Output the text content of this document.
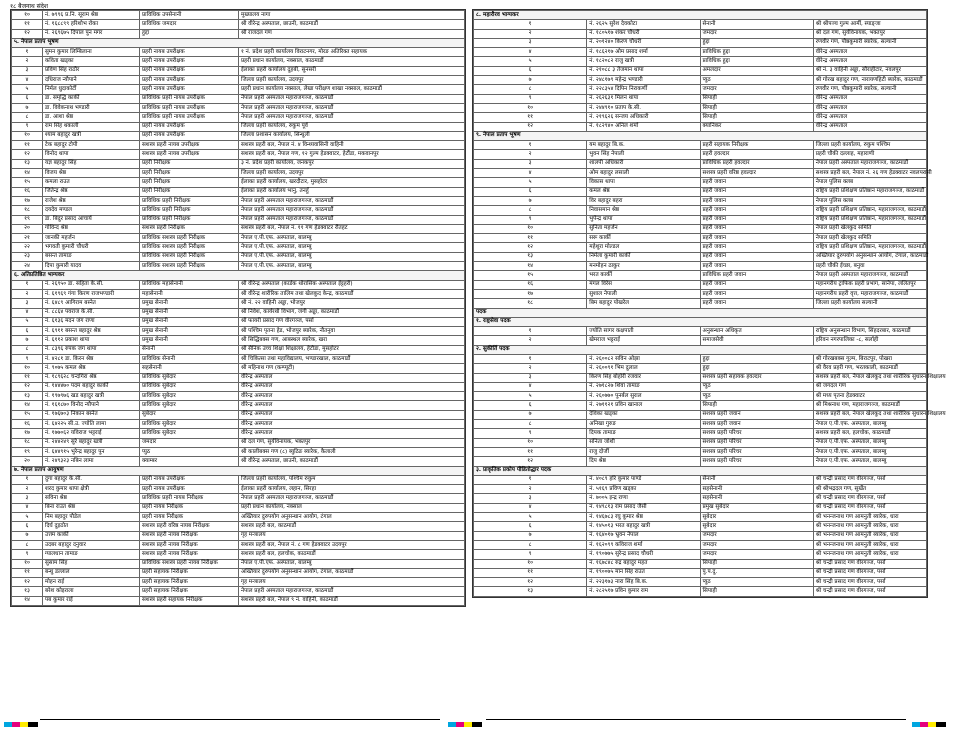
१८ बैजनाथ संदेश
१०	नं. ७९९६ प्र.नि. सूराम श्रेष्ठ	प्राविधिक उपसेनानी	मुख्यालय नागा
११	नं. १६८८९९ हरिशोभ रोका	प्राविधिक जमदार	श्री वीरेन्द्र अस्पताल, छाउनी, काठमाडौं
१२	नं. २६९६७५ दिपाल पुन मगर	हुद्दा	श्री राजदल गण
५. नेपाल प्रताप भूषण			
१	सुमन कुमार लिम्बिलाना	प्रहरी नायब उपरीक्षक	१ नं. प्रदेश प्रहरी कार्यालय विराटनगर, मोरङ अतिरिक्त सहायक
२	कविता खड्का	प्रहरी नायब उपरीक्षक	प्रहरी प्रधान कार्यालय, नक्साल, काठमाडौं
३	प्रविण सिंह राठौर	प्रहरी नायब उपरीक्षक	ईलाका प्रहरी कार्यालय दुहबी, सुनसरी
४	दधिराज न्यौपाने	प्रहरी नायब उपरीक्षक	जिल्ला प्रहरी कार्यालय, उदयपुर
५	निर्मल धुदाकोर्टी	प्रहरी नायब उपरीक्षक	प्रहरी प्रधान कार्यालय नक्साल, लेखा परीक्षण शाखा नक्साल, काठमाडौं
६	डा. समृद्धि कार्की	प्राविधिक प्रहरी नायब उपरीक्षक	नेपाल प्रहरी अस्पताल महाराजगञ्ज, काठमाडौं
७	डा. विवेकनाथ भण्डारी	प्राविधिक प्रहरी नायब उपरीक्षक	नेपाल प्रहरी अस्पताल महाराजगञ्ज, काठमाडौं
८	डा. आशा श्रेष्ठ	प्राविधिक प्रहरी नायब उपरीक्षक	नेपाल प्रहरी अस्पताल महाराजगञ्ज, काठमाडौं
९	राम सिंह थकाली	प्रहरी नायब उपरीक्षक	जिल्ला प्रहरी कार्यालय, रुकुम पूर्व
१०	श्याम बहादुर खत्री	प्रहरी नायब उपरीक्षक	जिल्ला प्रशासन कार्यालय, सिन्धुली
११	टेक बहादुर टोपी	सशस्त्र प्रहरी नायब उपरीक्षक	सशस्त्र प्रहरी बल, नेपाल नं. ४ विन्ध्यवासिनी वाहिनी
१२	विनोद थापा	सशस्त्र प्रहरी नायब उपरीक्षक	सशस्त्र प्रहरी बल, नेपाल गण, १२ गुल्म हेडक्वाटर, हेटौंडा, मकवानपुर
१३	यज्ञ बहादुर सिंह	प्रहरी निरीक्षक	३ नं. प्रदेश प्रहरी कार्यालय, जनकपुर
१४	विजय श्रेष्ठ	प्रहरी निरीक्षक	जिल्ला प्रहरी कार्यालय, उदयपुर
१५	कमला राउत	प्रहरी निरीक्षक	ईलाका प्रहरी कार्यालय, खरदौटार, मुसहोटर
१६	जितेन्द्र श्रेष्ठ	प्रहरी निरीक्षक	ईलाका प्रहरी कार्यालय भानु, तनहुँ
१७	राजेश श्रेष्ठ	प्राविधिक प्रहरी निरीक्षक	नेपाल प्रहरी अस्पताल महाराजगञ्ज, काठमाडौं
१८	दयदेव मण्डल	प्राविधिक प्रहरी निरीक्षक	नेपाल प्रहरी अस्पताल महाराजगञ्ज, काठमाडौं
१९	डा. बिदुर प्रसाद आचार्य	प्राविधिक प्रहरी निरीक्षक	नेपाल प्रहरी अस्पताल महाराजगञ्ज, काठमाडौं
२०	गोविन्द श्रेष्ठ	सशस्त्र प्रहरी निरीक्षक	सशस्त्र प्रहरी बल, नेपाल नं. ११ गण हेडक्वाटर रौतहट
२१	जानकी महर्जन	प्राविधिक सशस्त्र प्रहरी निरीक्षक	नेपाल ए.पी.एफ. अस्पताल, बालम्बु
२२	भगवती कुमारी चौधरी	प्राविधिक सशस्त्र प्रहरी निरीक्षक	नेपाल ए.पी.एफ. अस्पताल, बालम्बु
२३	बसन्त तामाङ	प्राविधिक सशस्त्र प्रहरी निरीक्षक	नेपाल ए.पी.एफ. अस्पताल, बालम्बु
२४	दिपा कुमारी यादव	प्राविधिक सशस्त्र प्रहरी निरीक्षक	नेपाल ए.पी.एफ. अस्पताल, बालम्बु
६. अतिप्रतिष्ठित भाग्यकर			
१	नं. २६९५० डा. सहिता के.सी.	प्राविधिक महासेनानी	श्री वीरेन्द्र अस्पताल (कार्डक थोरासिक अस्पताल ईट्टहरी)
२	नं. ६१९६९ गंगा किरण राजभण्डारी	महासेनानी	श्री वीरेन्द्र शारीरिक तालिम तथा खेलकुद केन्द्र, काठमाडौं
३	नं. ६४८९ आगिराम बस्नेत	प्रमुख सेनानी	श्री नं. २२ वाहिनी अड्डा, भोजपुर
४	नं. ८८६४ पवराज के.सी.	प्रमुख सेनानी	श्री निवेश, कार्यरथी विभाग, जंगी अड्डा, काठमाडौं
५	नं. ६१३६ मदन जंग राणा	प्रमुख सेनानी	श्री फायरी प्रसाद गण वीरगञ्ज, पर्सा
६	नं. ६९११ बसन्त बहादुर श्रेष्ठ	प्रमुख सेनानी	श्री पश्चिम पृतना हेड, भोजपुर ब्यारेक, नौतनुवा
७	नं. ६११२ प्रकाश थापा	प्रमुख सेनानी	श्री सिद्धिबक्स गण, आबस्थल ब्यारेक, खरा
८	नं. ८३९६ रुपक जंग थापा	सेनानी	श्री सैनिक उच्च शिक्षा शिक्षालय, हेटौडा, मुसहोटर
९	नं. ४२८१ डा. किरन श्रेष्ठ	प्राविधिक सेनानी	श्री चिकित्सा तथा महाविद्यालय, भण्डारखाल, काठमाडौं
१०	नं. ९०७५ कमल श्रेष्ठ	सहसेनानी	श्री महिनाथ गण (कम्प्यूटी)
११	नं. १८९६२८ चन्दगिरा श्रेष्ठ	प्राविधिक सुबेदार	वीरेन्द्र अस्पताल
१२	नं. १४४४७० पदम बहादुर कार्की	प्राविधिक सुबेदार	वीरेन्द्र अस्पताल
१३	नं. १९७९७६ खड बहादुर खत्री	प्राविधिक सुबेदार	वीरेन्द्र अस्पताल
१४	नं. १६१८७० विनोद न्यौपाने	प्राविधिक सुबेदार	वीरेन्द्र अस्पताल
१५	नं. १७६७०३ निकान बस्नेत	सुबेदार	वीरेन्द्र अस्पताल
१६	नं. ६४२२५ सी.उ. ज्योति लामा	प्राविधिक सुबेदार	वीरेन्द्र अस्पताल
१७	नं. १७७०६२ यविराज भट्टराई	प्राविधिक सुबेदार	वीरेन्द्र अस्पताल
१८	नं. २४४२४९ सुरे बहादुर खत्री	जमदार	श्री दल गण, सुर्यविनायक, भक्तपुर
१९	नं. ६४४९१५ भुरेन्द्र बहादुर पुन	प्युठ	श्री कालीबक्स गण (८) ब्युठिङ ब्यारेक, कैलाली
२०	नं. २४९३२३ नबिन लामा	क्याम्बर	श्री वीरेन्द्र अस्पताल, छाउनी, काठमाडौं
७. नेपाल प्रताप आयुषण			
१	दुगा बहादुर के.सी.	प्रहरी नायब उपरीक्षक	जिल्ला प्रहरी कार्यालय, पश्चिम रुकुम
२	शरद कुमार थापा क्षेत्री	प्रहरी नायब उपरीक्षक	ईलाका प्रहरी कार्यालय, लहान, सिरहा
३	सविना श्रेष्ठ	प्राविधिक प्रहरी नायब निरीक्षक	नेपाल प्रहरी अस्पताल महाराजगञ्ज, काठमाडौं
४	बिना राउत श्रेष्ठ	प्रहरी नायब निरीक्षक	प्रहरी प्रधान कार्यालय, नक्साल
५	निम बहादुर पौडेल	प्रहरी नायब निरीक्षक	अख्तियार दुरुपयोग अनुसन्धान आयोग, टंगाल
६	दिर्घ दुइठोत	सशस्त्र प्रहरी वरिष्ठ नायब निरीक्षक	सशस्त्र प्रहरी बल, काठमाडौं
७	उत्तम कार्की	सशस्त्र प्रहरी नायब निरीक्षक	गृह मन्त्रालय
८	उदबर बहादुर दनुवार	सशस्त्र प्रहरी नायब निरीक्षक	सशस्त्र प्रहरी बल, नेपाल नं. ८ गण हेडक्वाटर उदयपुर
९	ग्यालधान तामाङ	सशस्त्र प्रहरी नायब निरीक्षक	सशस्त्र प्रहरी बल, हलचोक, काठमाडौं
१०	सुसाम सिंह	प्राविधिक सशस्त्र प्रहरी नायब निरीक्षक	नेपाल ए.पी.एफ. अस्पताल, बालम्बु
११	बन्धु डल्लाल	प्रहरी सहायक निरीक्षक	अख्तियार दुरुपयोग अनुसन्धान आयोग, टंगाल, काठमाडौं
१२	मोहन राई	प्रहरी सहायक निरीक्षक	गृह मन्त्रालय
१३	बरेश कोइराला	प्रहरी सहायक निरीक्षक	नेपाल प्रहरी अस्पताल महाराजगञ्ज, काठमाडौं
१४	पब कुमार राई	सशस्त्र प्रहरी सहायक निरीक्षक	सशस्त्र प्रहरी बल, नेपाल ९ नं. वाहिनी, काठमाडौं
८. महारौरव भाग्यकर			
१	नं. २६२५ सुरेश देवकोटा	सेनानी	श्री श्रीपञ्च गुल्म आर्मी, स्याङ्जा
२	नं. १८०५१७ शंकर चौधरी	जमदार	श्री दल गण, सुर्यविनायक, भक्तपुर
३	नं. २०१२४० किरण चौधरी	हुद्दा	रणवीर गण, पौष्ठकुमारी ब्यारेक, सल्यानी
४	नं. १८६२१७ ओम प्रसाद शर्मा	प्राविधिक हुद्दा	वीरेन्द्र अस्पताल
५	नं. १८२०८२ राजु खत्री	प्राविधिक हुद्दा	वीरेन्द्र अस्पताल
६	नं. २१०८८ ३ तेजमान थापा	अमलदार	श्री नं. ३ वाहिनी अड्डा, सौराहीटार, नवलपुर
७	नं. २४८१७९ महेन्द्र भण्डारी	प्युठ	श्री गोरख बहादुर गण, नारायणहिटी ब्यारेक, काठमाडौं
८	नं. २२८३५४ दिपिन निराकर्णी	जमदार	रणवीर गण, पौष्ठकुमारी ब्यारेक, सल्यानी
९	नं. २६२६३१ मिलन थापा	सिपाही	वीरेन्द्र अस्पताल
१०	नं. २४४९१० प्रताप के.सी.	सिपाही	वीरेन्द्र अस्पताल
११	नं. २१९६२६ सन्जय अधिकारी	सिपाही	वीरेन्द्र अस्पताल
१२	नं. १८२९४० अनिल शर्मा	क्यानिकर	वीरेन्द्र अस्पताल
९. नेपाल प्रताप भूषण			
१	यम बहादुर बि.क.	प्रहरी सहायक निरीक्षक	जिल्ला प्रहरी कार्यालय, रुकुम पश्चिम
२	भुवन सिंह नेपाली	प्रहरी हवल्दार	प्रहरी चौकी दल्लाह, महाराणी
३	शालपी अधिकारी	प्राविधिक प्रहरी हवल्दार	नेपाल प्रहरी अस्पताल महाराजगञ्ज, काठमाडौं
४	ओम बहादुर लसाली	सशस्त्र प्रहरी वरिष्ठ हवल्दार	सशस्त्र प्रहरी बल, नेपाल नं. २६ गण हेडक्वाटर नवलपरासी
५	विकास थापा	प्रहरी जवान	नेपाल पुलिस क्लब
६	कमल श्रेष्ठ	प्रहरी जवान	राष्ट्रिय प्रहरी प्रशिक्षण प्रतिष्ठान महाराजगञ्ज, काठमाडौं
७	विर बहादुर बहरा	प्रहरी जवान	नेपाल पुलिस क्लब
८	निवासमान श्रेष्ठ	प्रहरी जवान	राष्ट्रिय प्रहरी प्रशिक्षण प्रतिष्ठान, महाराजगञ्ज, काठमाडौं
९	भुपेन्द्र थापा	प्रहरी जवान	राष्ट्रिय प्रहरी प्रशिक्षण प्रतिष्ठान, महाराजगञ्ज, काठमाडौं
१०	सुनिता महर्जन	प्रहरी जवान	नेपाल प्रहरी खेलकुद समिति
११	सरू कार्की	प्रहरी जवान	नेपाल प्रहरी खेलकुद समिति
१२	महेशुरा मोल्डल	प्रहरी जवान	राष्ट्रिय प्रहरी प्रशिक्षण प्रतिष्ठान, महाराजगञ्ज, काठमाडौं
१३	निर्मला कुमारी कार्की	प्रहरी जवान	अख्तियार दुरुपयोग अनुसन्धान आयोग, टंगाल, काठमाडौं
१४	मनमोहन ठाकुर	प्रहरी जवान	प्रहरी चौकी ईच्छा, बनुवा
१५	भरत कार्की	प्राविधिक प्रहरी जवान	नेपाल प्रहरी अस्पताल महाराजगञ्ज, काठमाडौं
१६	मंगल विरेस	प्रहरी जवान	महानगरीय ट्राफिक प्रहरी प्रभाग, सानेपा, ललितपुर
१७	सुशाल नेपाली	प्रहरी जवान	महानगरीय प्रहरी वृत्त, महाराजगञ्ज, काठमाडौं
१८	बिम बहादुर पोखरेल	प्रहरी जवान	जिल्ला प्रहरी कार्यालय सल्यानी
पदक			
१. राष्ट्रसेवा पदक			
१	ज्योति सागर कक्षपाती	अनुसन्धान अधिकृत	राष्ट्रिय अनुसन्धान विभाग, सिंहदरबार, काठमाडौं
२	खेमराज भट्टराई	समाजसेवी	हरिवन नगरपालिका -८, सर्लाही
२. सुकीर्ति पदक			
१	नं. २६००८२ सविन ओझा	हुद्दा	श्री गोरखबक्स गुल्म, बिराटपुर, पोखरा
२	नं. २६००९१ भिम दुलाल	हुद्दा	श्री वैरव प्रहरी गण, भरतकाली, काठमाडौं
३	किरण सिंह बोहोरी रजवार	सशस्त्र प्रहरी सहायक हवल्दार	सशस्त्र प्रहरी बल, नेपाल खेलकुद तथा शारीरिक सुधारन शिक्षालय
४	नं. २७१८२७ शिवा तामाङ	प्युठ	श्री जगदल गण
५	नं. २६०७७० पुनर्बल सुराल	प्युठ	श्री मध्य पृतना हेडक्वाटर
६	नं. २७११२१ प्रविन खानाल	सिपाही	श्री मिश्रनाथ गण, महाराजगञ्ज, काठमाडौं
७	देविका खड्का	सशस्त्र प्रहरी जवान	सशस्त्र प्रहरी बल, नेपाल खेलकुद तथा शारीरिक सुधारन शिक्षालय
८	अनिखा गुरुङ	सशस्त्र प्रहरी जवान	नेपाल ए.पी.एफ. अस्पताल, बालम्बु
९	दिपक तामाङ	सशस्त्र प्रहरी परिचर	सशस्त्र प्रहरी बल, हलचोक, काठमाडौं
१०	संनिता जोशी	सशस्त्र प्रहरी परिचर	नेपाल ए.पी.एफ. अस्पताल, बालम्बु
११	राजु दोर्जी	सशस्त्र प्रहरी परिचर	नेपाल ए.पी.एफ. अस्पताल, बालम्बु
१२	दिप श्रेष्ठ	सशस्त्र प्रहरी परिचर	नेपाल ए.पी.एफ. अस्पताल, बालम्बु
३. प्राकृतिक प्रकोप पीडितोद्धार पदक			
१	नं. ४०८९ हरि कुमार पाण्डे	सेनानी	श्री चन्द्री प्रसाद गण वीरगञ्ज, पर्सा
२	नं. ५१६९ प्रविण खड्का	सहसेनानी	श्री श्रीभद्रदल गण, सुर्खेत
३	नं. ७००५ इन्द्र राणा	सहसेनानी	श्री चन्द्री प्रसाद गण वीरगञ्ज, पर्सा
४	नं. १४९८१३ राम प्रसाद जैसी	प्रमुख सुबेदार	श्री चन्द्री प्रसाद गण वीरगञ्ज, पर्सा
५	नं. १४६७८३ रघु कुमार श्रेष्ठ	सुबेदार	श्री भनन्जनाथ गण आमनुती ब्यारेक, धारा
६	नं. १४५०१३ भरत बहादुर खत्री	सुबेदार	श्री भनन्जनाथ गण आमनुती ब्यारेक, धारा
७	नं. १६४०१७ भ्रुवन नेपाल	जमदार	श्री भनन्जनाथ गण आमनुती ब्यारेक, धारा
८	नं. १६२०९९ कविराज शर्मा	जमदार	श्री भनन्जनाथ गण आमनुती ब्यारेक, धारा
९	नं. १९०७७५ सुरेन्द्र प्रसाद चौधरी	जमदार	श्री भनन्जनाथ गण आमनुती ब्यारेक, धारा
१०	नं. १६७८४८ रुद्र बहादुर महत	सिपाही	श्री चन्द्री प्रसाद गण वीरगञ्ज, पर्सा
११	नं. १९००७५ मान सिंह राउत	पु.प.दु.	श्री चन्द्री प्रसाद गण वीरगञ्ज, पर्सा
१२	नं. २२३१७३ नारा सिंह बि.क.	प्युठ	श्री चन्द्री प्रसाद गण वीरगञ्ज, पर्सा
१३	नं. २८२५१७ प्रविन कुमार राम	सिपाही	श्री चन्द्री प्रसाद गण वीरगञ्ज, पर्सा
